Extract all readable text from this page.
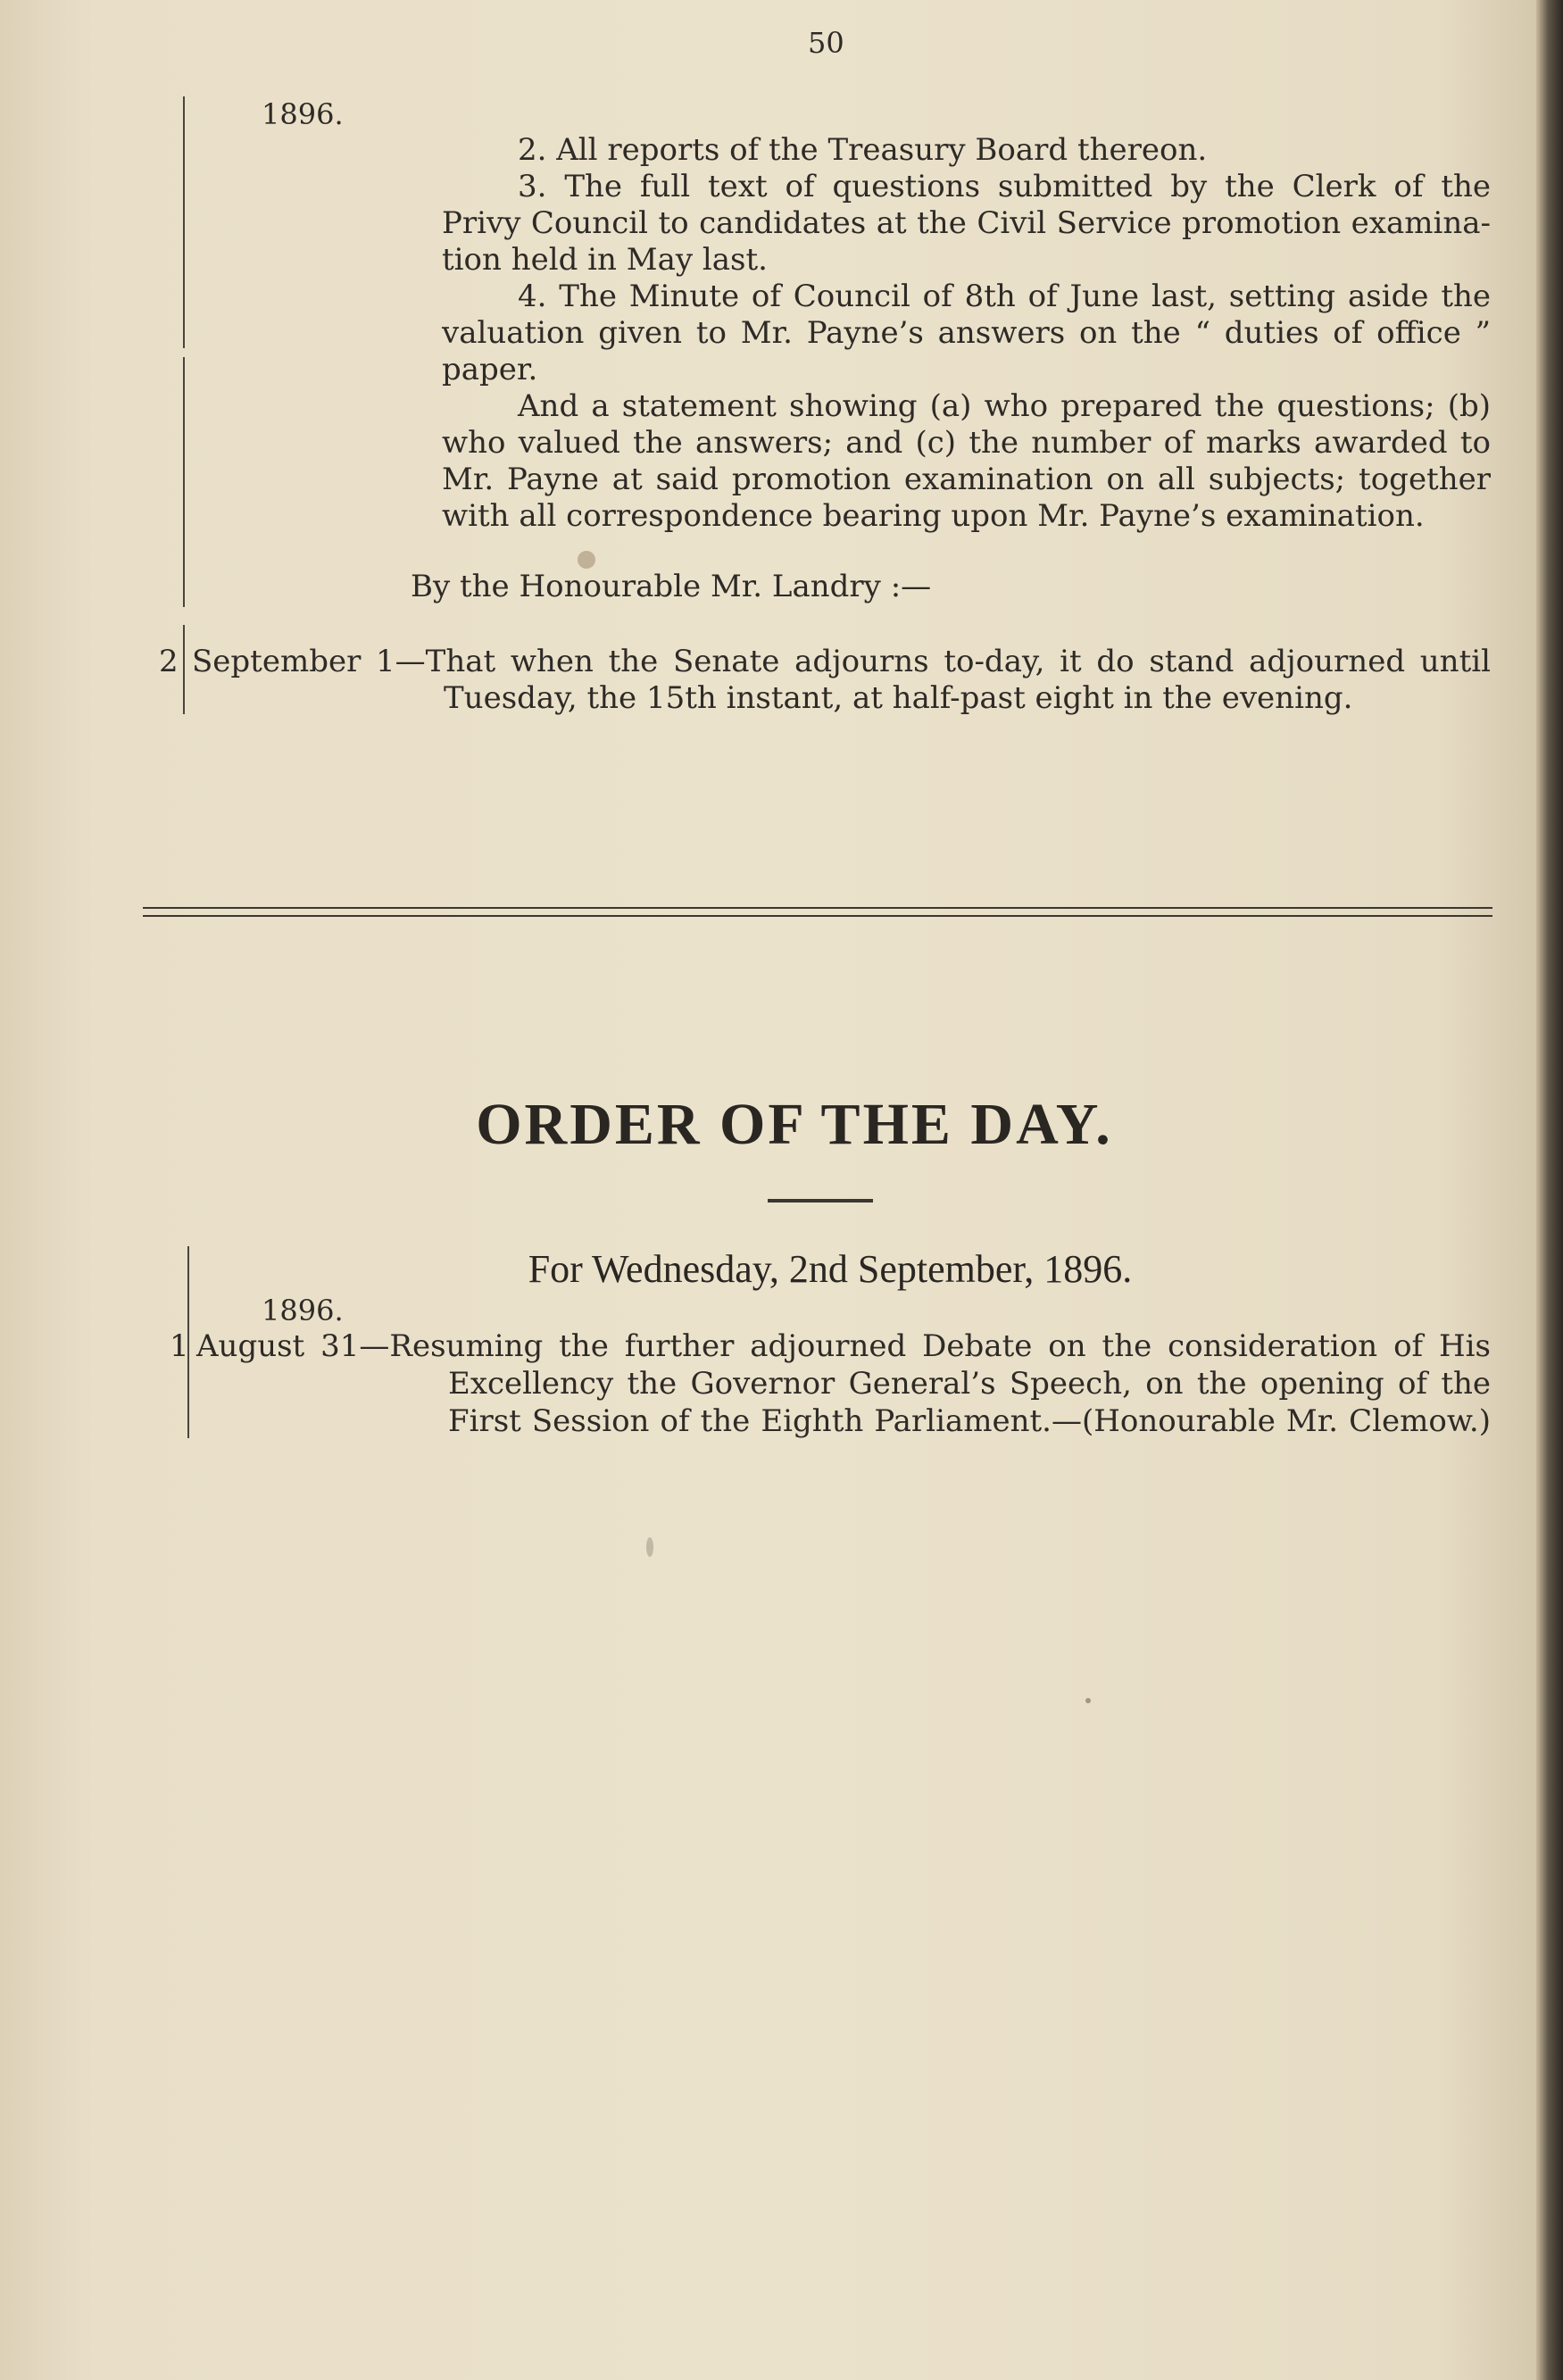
50

1896.

2. All reports of the Treasury Board thereon.

3. The full text of questions submitted by the Clerk of the

Privy Council to candidates at the Civil Service promotion examina-

tion held in May last.

4. The Minute of Council of 8th of June last, setting aside the

valuation given to Mr. Payne’s answers on the “ duties of office ”

paper.

And a statement showing (a) who prepared the questions; (b)

who valued the answers; and (c) the number of marks awarded to

Mr. Payne at said promotion examination on all subjects; together

with all correspondence bearing upon Mr. Payne’s examination.

By the Honourable Mr. Landry :—

2 September 1—That when the Senate adjourns to-day, it do stand adjourned until

Tuesday, the 15th instant, at half-past eight in the evening.

ORDER OF THE DAY.

For Wednesday, 2nd September, 1896.

1896.

1 August 31—Resuming the further adjourned Debate on the consideration of His

Excellency the Governor General’s Speech, on the opening of the

First Session of the Eighth Parliament.—(Honourable Mr. Clemow.)
